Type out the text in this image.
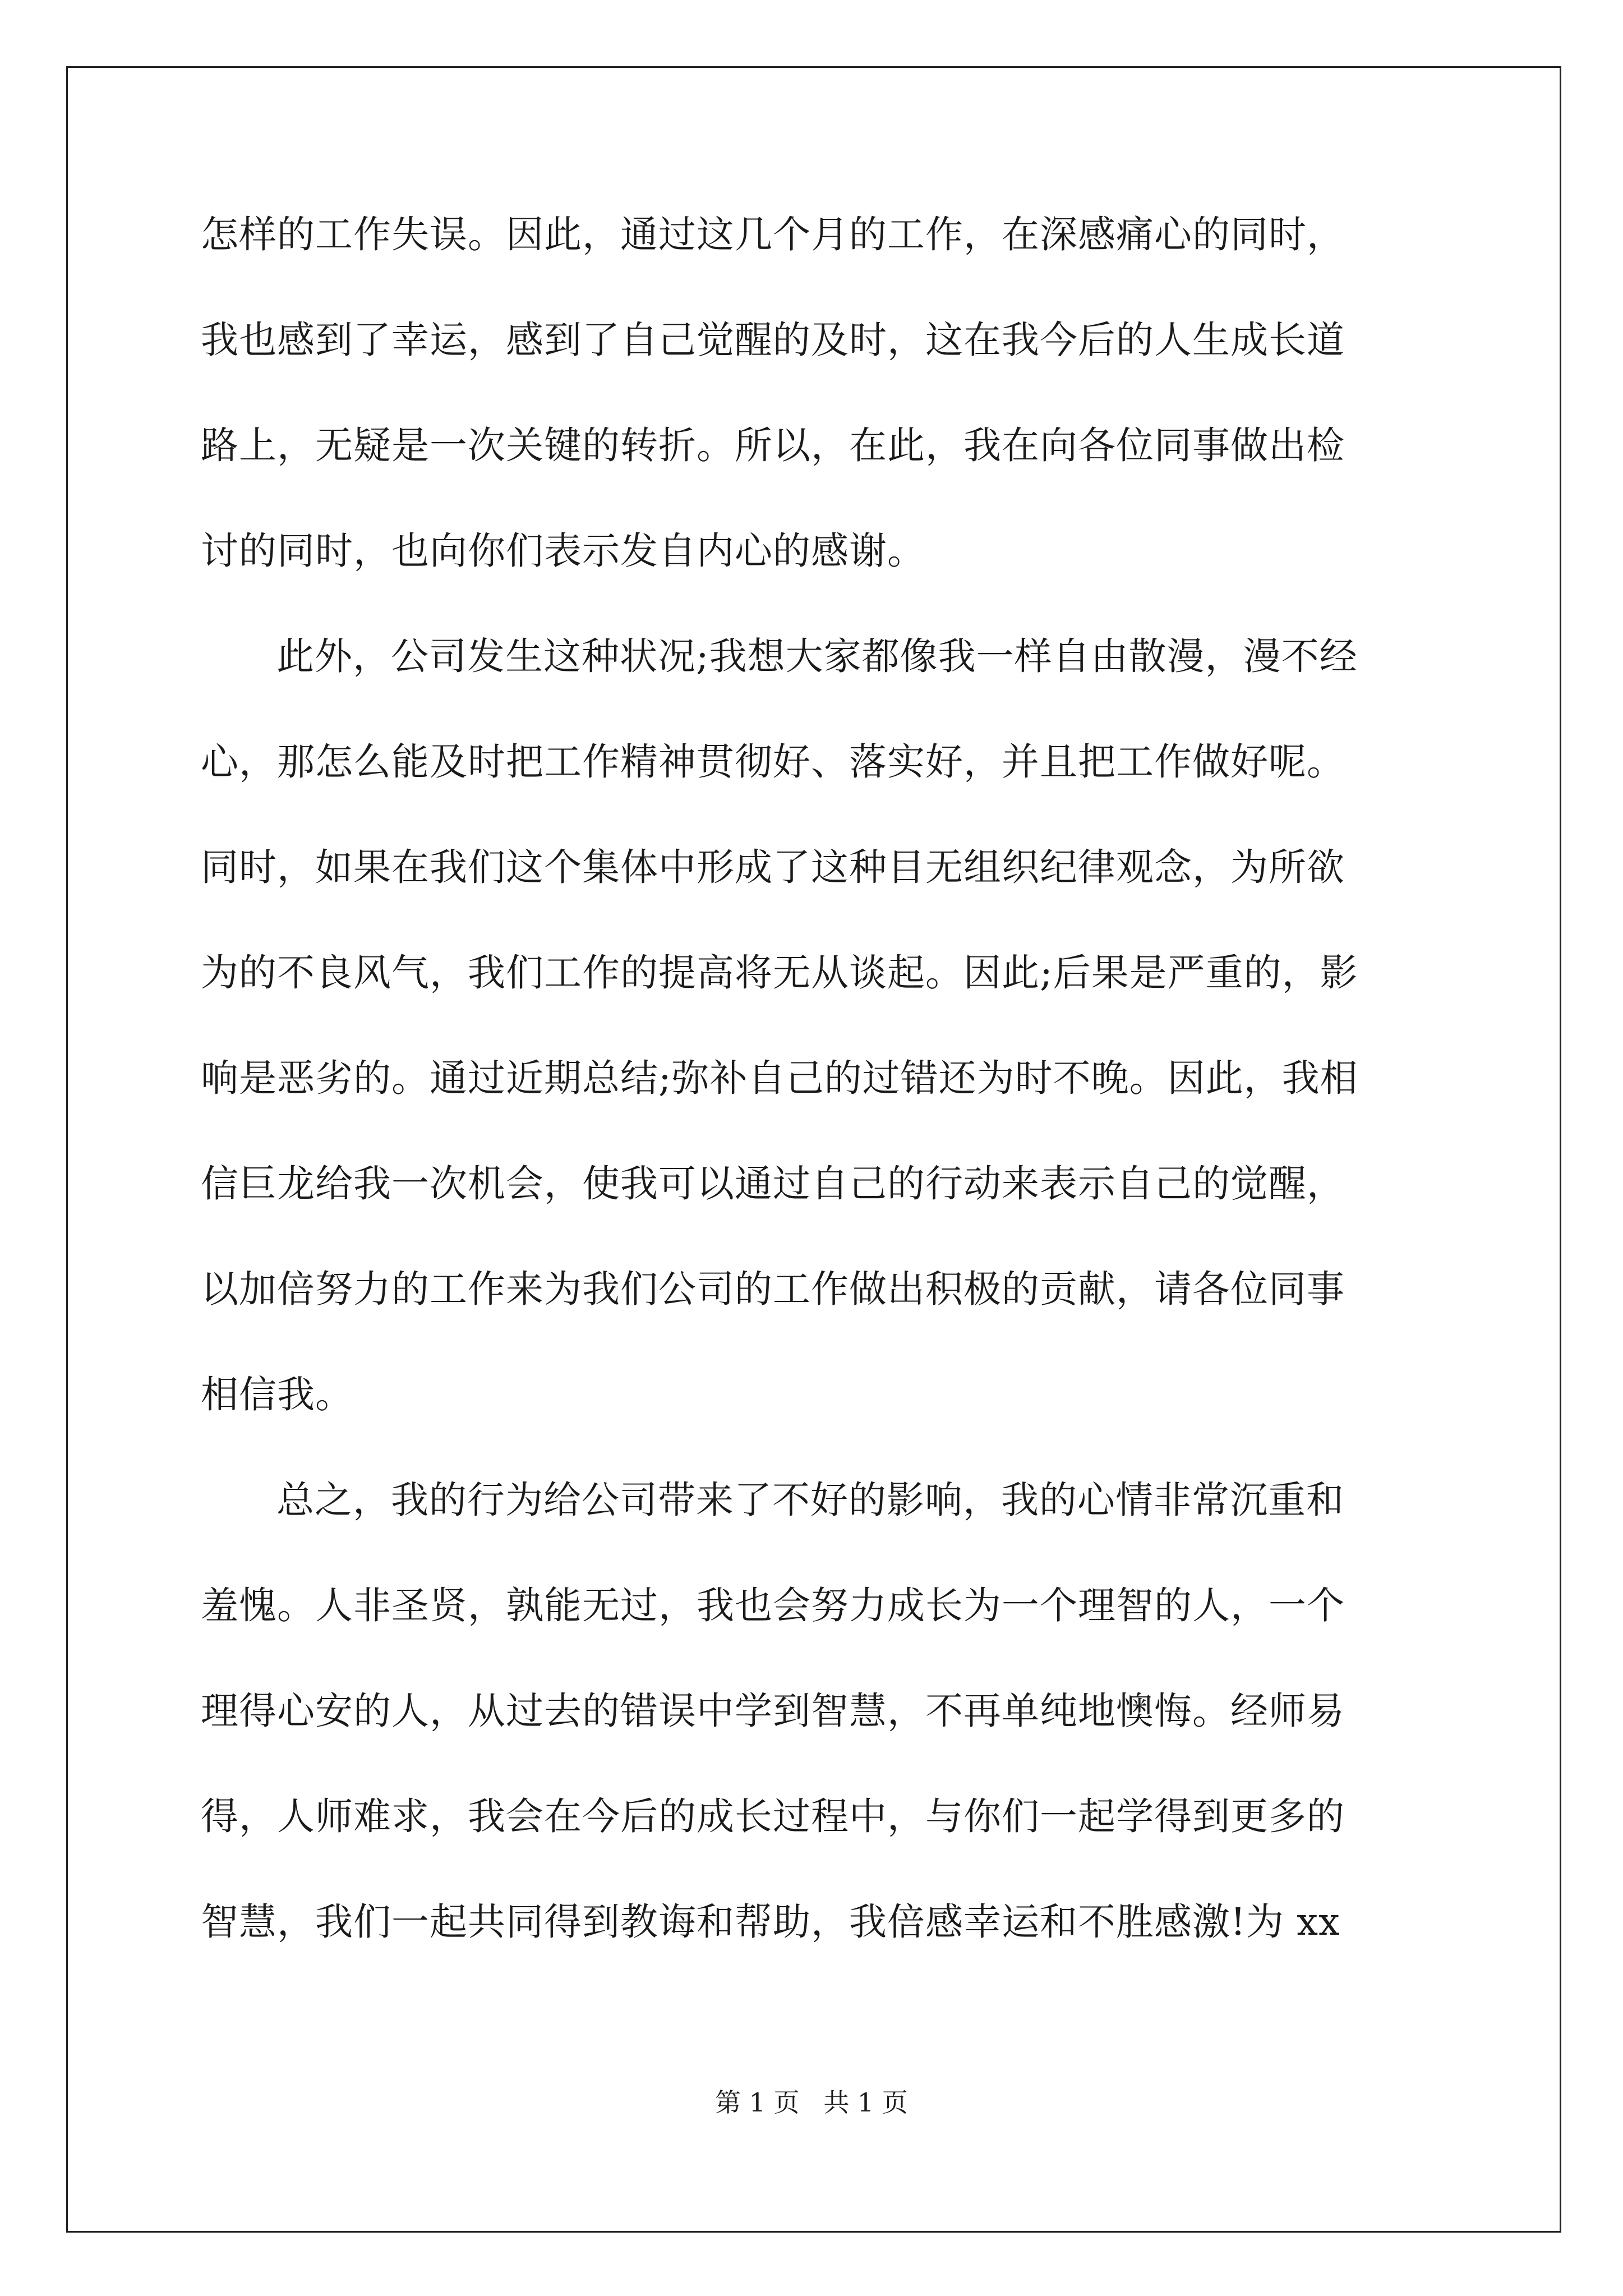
怎样的工作失误。因此，通过这几个月的工作，在深感痛心的同时，
我也感到了幸运，感到了自己觉醒的及时，这在我今后的人生成长道
路上，无疑是一次关键的转折。所以，在此，我在向各位同事做出检
讨的同时，也向你们表示发自内心的感谢。
此外，公司发生这种状况;我想大家都像我一样自由散漫，漫不经
心，那怎么能及时把工作精神贯彻好、落实好，并且把工作做好呢。
同时，如果在我们这个集体中形成了这种目无组织纪律观念，为所欲
为的不良风气，我们工作的提高将无从谈起。因此;后果是严重的，影
响是恶劣的。通过近期总结;弥补自己的过错还为时不晚。因此，我相
信巨龙给我一次机会，使我可以通过自己的行动来表示自己的觉醒，
以加倍努力的工作来为我们公司的工作做出积极的贡献，请各位同事
相信我。
总之，我的行为给公司带来了不好的影响，我的心情非常沉重和
羞愧。人非圣贤，孰能无过，我也会努力成长为一个理智的人，一个
理得心安的人，从过去的错误中学到智慧，不再单纯地懊悔。经师易
得，人师难求，我会在今后的成长过程中，与你们一起学得到更多的
智慧，我们一起共同得到教诲和帮助，我倍感幸运和不胜感激!为 xx
第 1 页 共 1 页
